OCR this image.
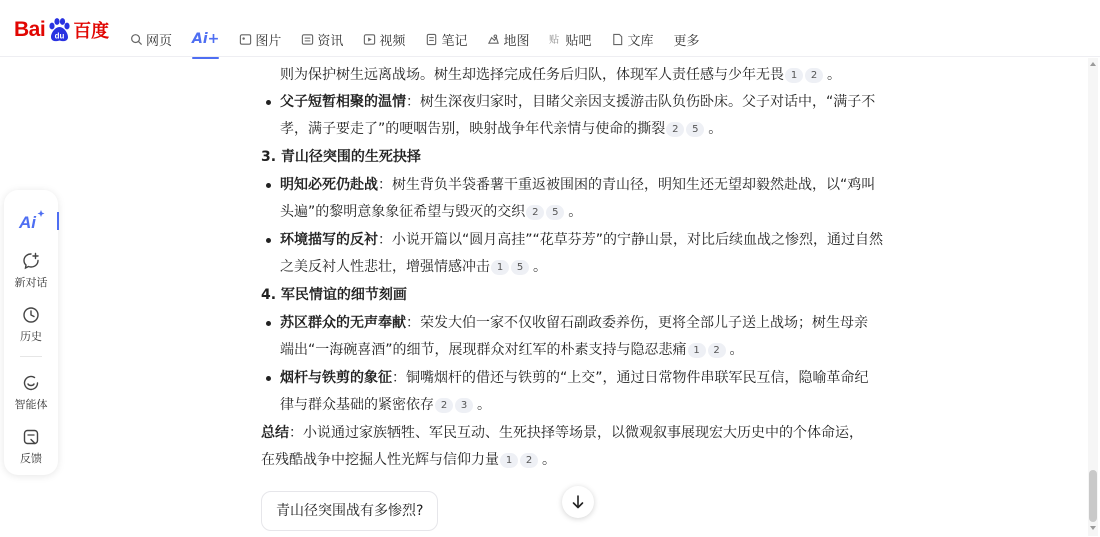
Bai du 百度	网页 Ai+	图片	资讯	视频	笔记	地图 贴 贴吧	文库 更多
Ai
新对话
历史
智能体
反馈

则为保护树生远离战场。树生却选择完成任务后归队，体现军人责任感与少年无畏 1 2 。

父子短暂相聚的温情：树生深夜归家时，目睹父亲因支援游击队负伤卧床。父子对话中，“满子不
孝，满子要走了”的哽咽告别，映射战争年代亲情与使命的撕裂 2 5 。
3. 青山径突围的生死抉择
明知必死仍赴战：树生背负半袋番薯干重返被围困的青山径，明知生还无望却毅然赴战，以“鸡叫
头遍”的黎明意象象征希望与毁灭的交织 2 5 。
环境描写的反衬：小说开篇以“圆月高挂”“花草芬芳”的宁静山景，对比后续血战之惨烈，通过自然
之美反衬人性悲壮，增强情感冲击 1 5 。
4. 军民情谊的细节刻画
苏区群众的无声奉献：荣发大伯一家不仅收留石副政委养伤，更将全部儿子送上战场；树生母亲
端出“一海碗喜酒”的细节，展现群众对红军的朴素支持与隐忍悲痛 1 2 。
烟杆与铁剪的象征：铜嘴烟杆的借还与铁剪的“上交”，通过日常物件串联军民互信，隐喻革命纪
律与群众基础的紧密依存 2 3 。

总结：小说通过家族牺牲、军民互动、生死抉择等场景，以微观叙事展现宏大历史中的个体命运，
在残酷战争中挖掘人性光辉与信仰力量 1 2 。

青山径突围战有多惨烈?
